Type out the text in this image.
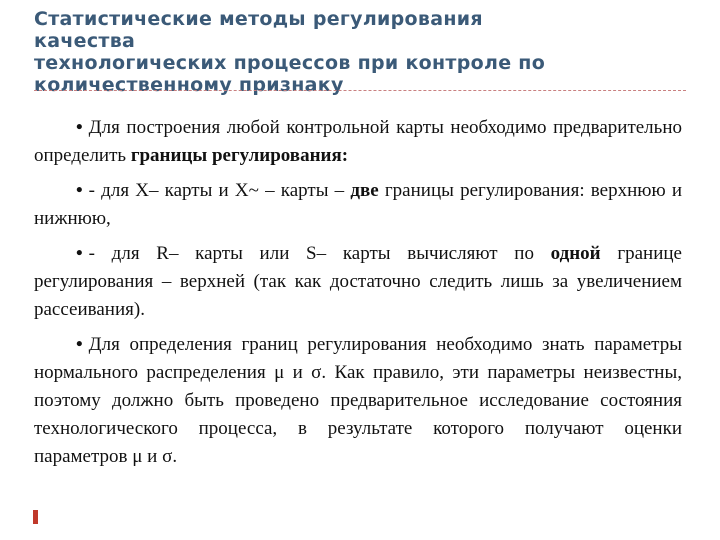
Статистические методы регулирования
качества
технологических процессов при контроле по
количественному признаку

• Для построения любой контрольной карты необходимо предварительно определить границы регулирования:

• - для X– карты и X~ – карты – две границы регулирования: верхнюю и нижнюю,

• - для R– карты или S– карты вычисляют по одной границе регулирования – верхней (так как достаточно следить лишь за увеличением рассеивания).

• Для определения границ регулирования необходимо знать параметры нормального распределения μ и σ. Как правило, эти параметры неизвестны, поэтому должно быть проведено предварительное исследование состояния технологического процесса, в результате которого получают оценки параметров μ и σ.
